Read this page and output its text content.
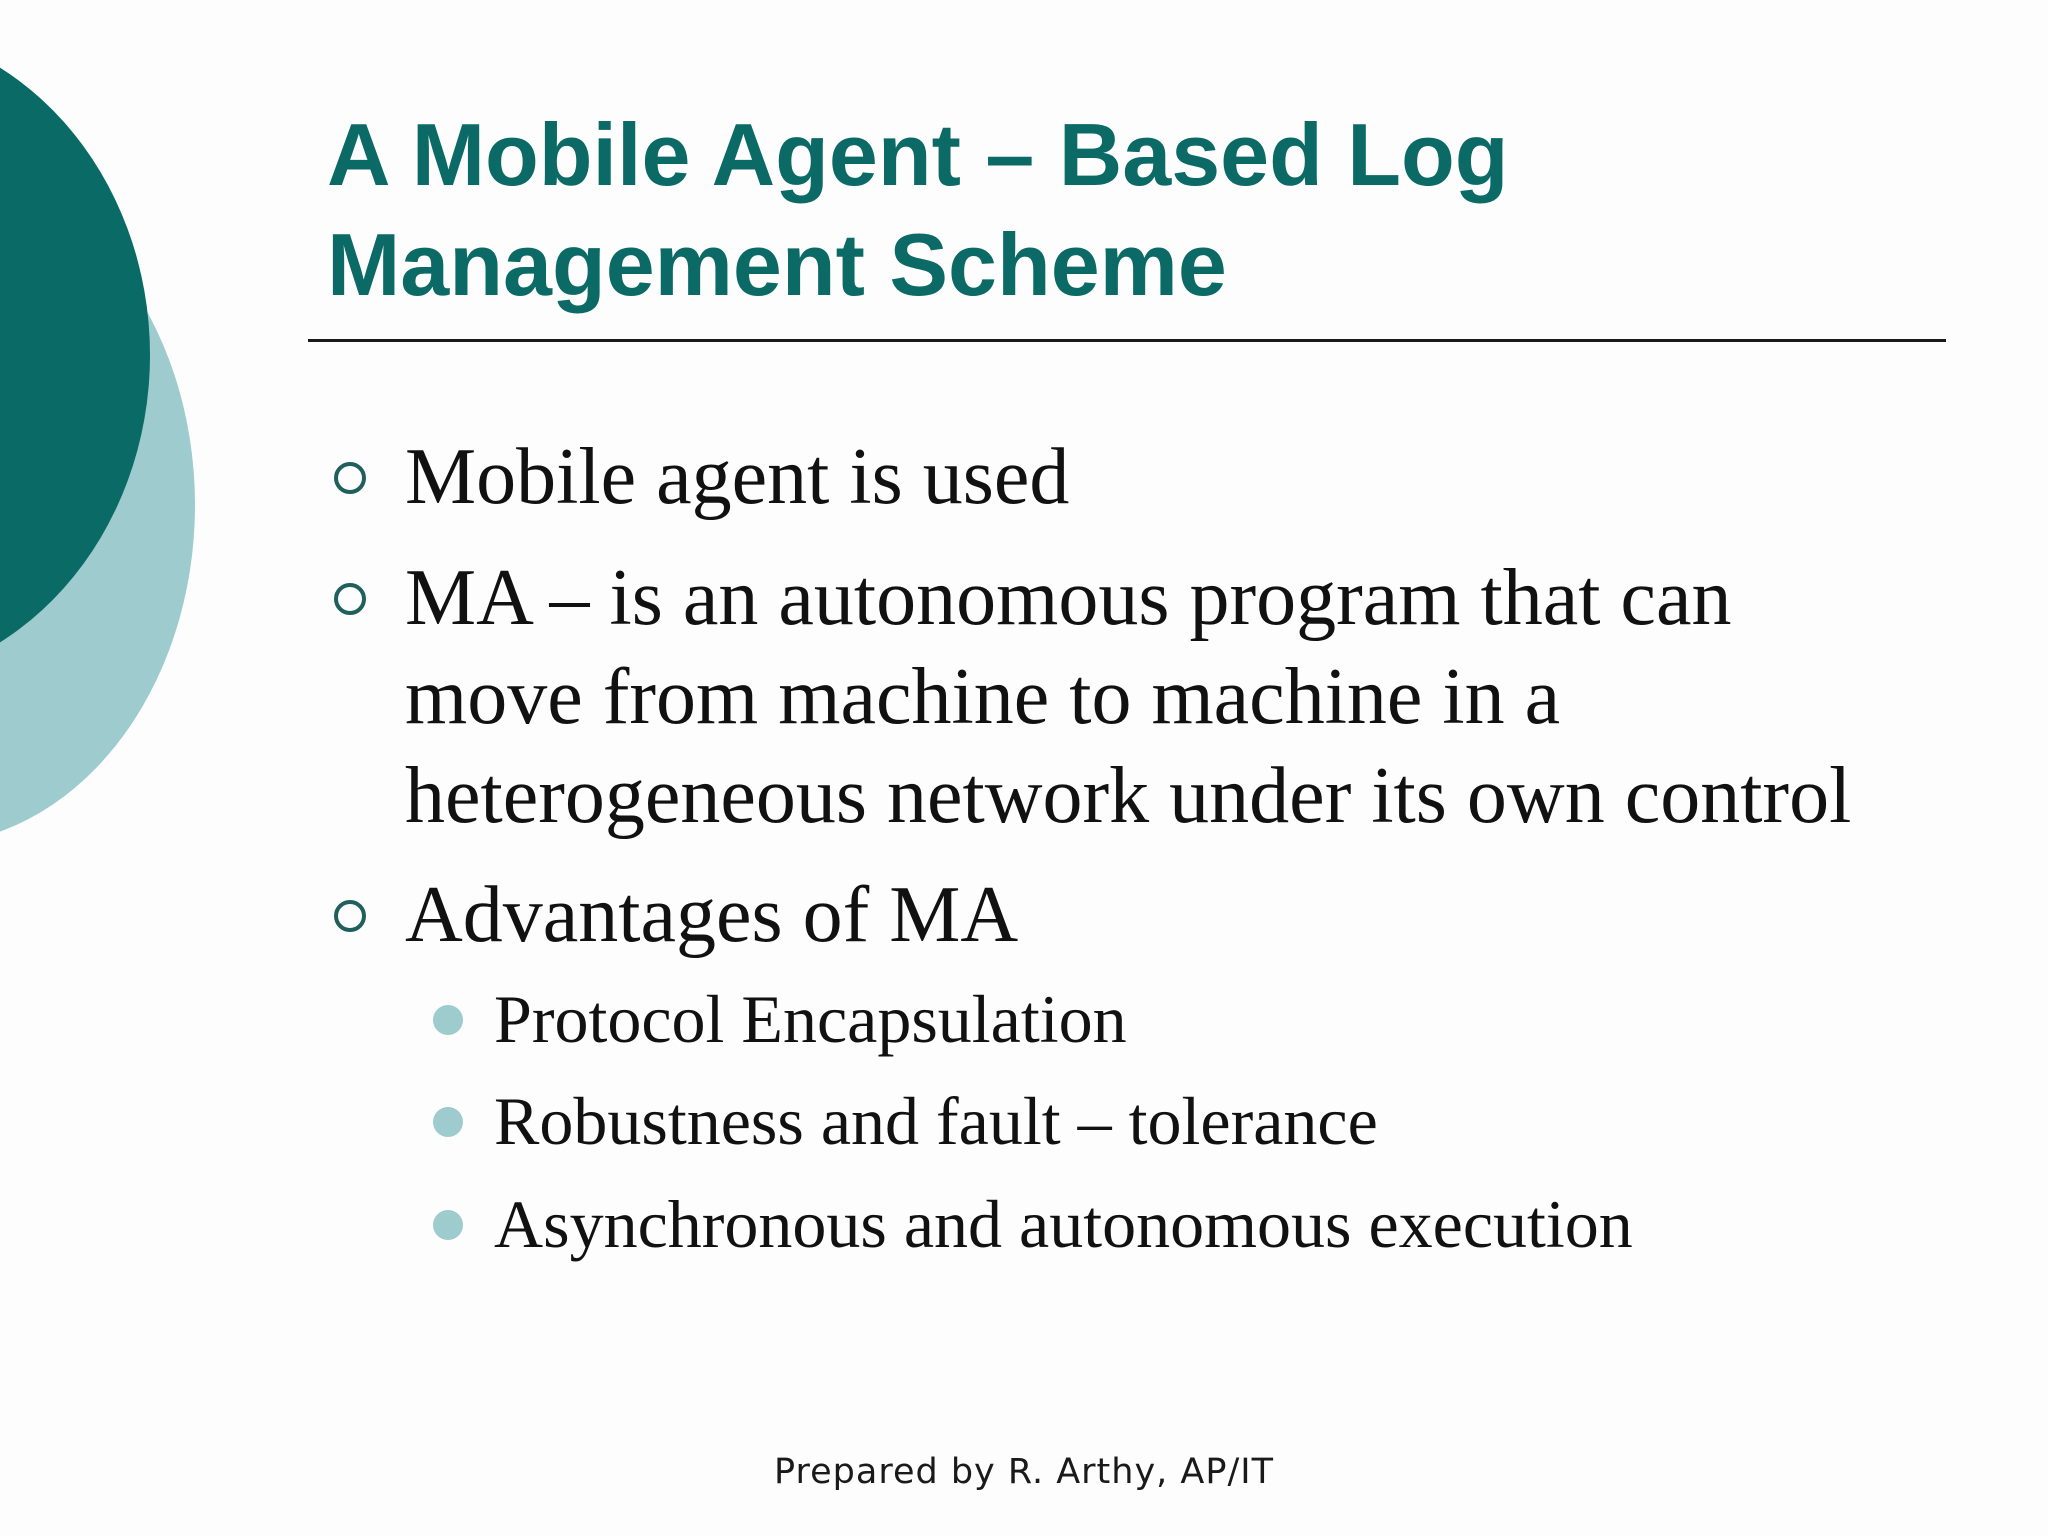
A Mobile Agent – Based Log
Management Scheme
Mobile agent is used
MA – is an autonomous program that can
move from machine to machine in a
heterogeneous network under its own control
Advantages of MA
Protocol Encapsulation
Robustness and fault – tolerance
Asynchronous and autonomous execution
Prepared by R. Arthy, AP/IT
